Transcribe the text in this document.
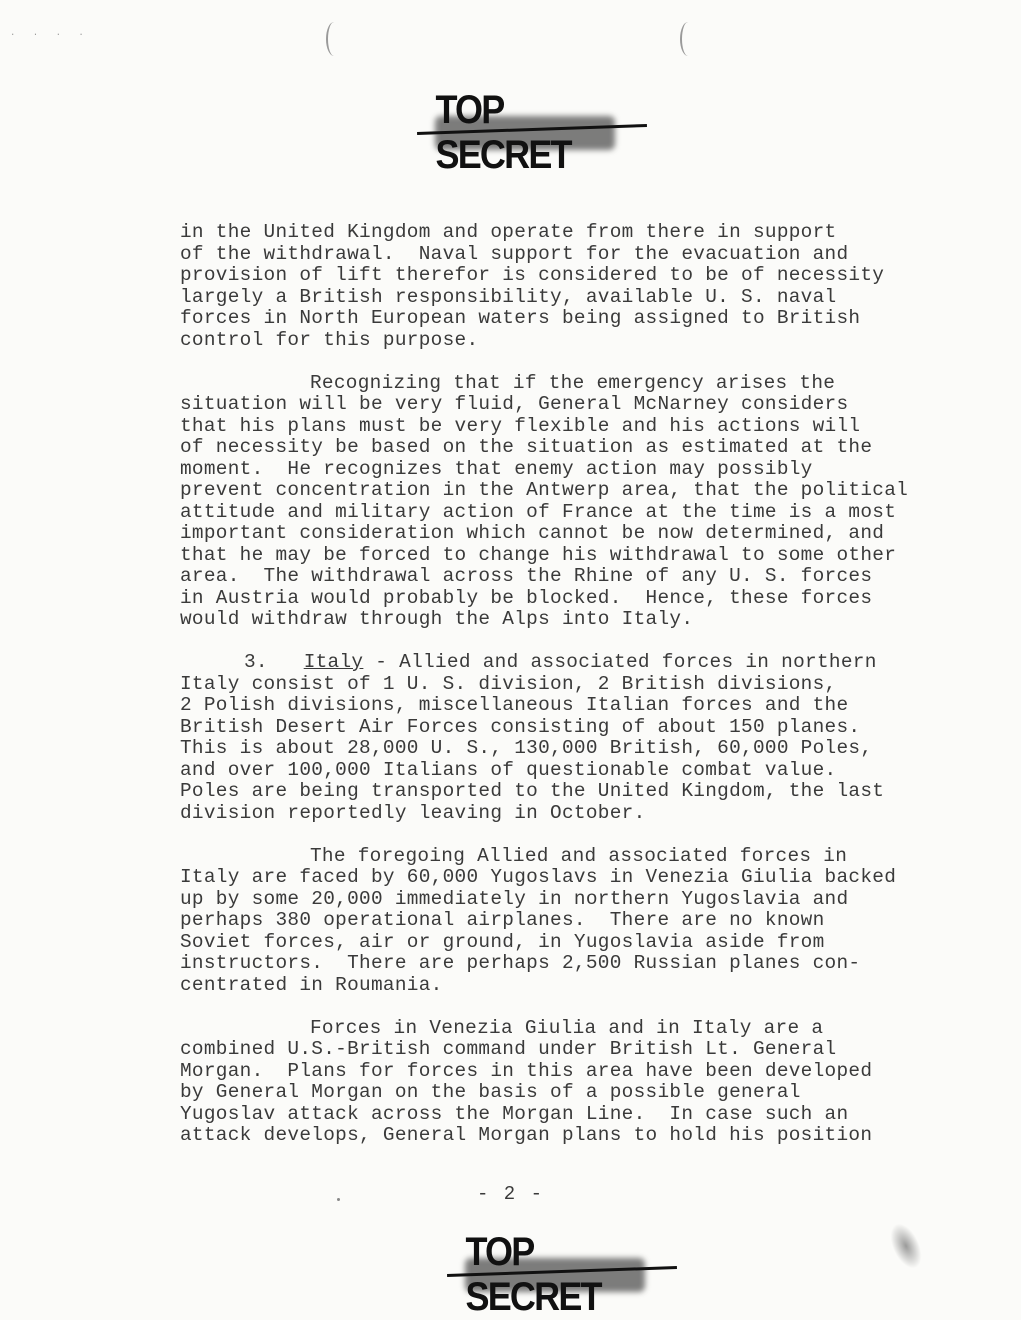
· · · ·
TOP SECRET

in the United Kingdom and operate from there in support
of the withdrawal.  Naval support for the evacuation and
provision of lift therefor is considered to be of necessity
largely a British responsibility, available U. S. naval
forces in North European waters being assigned to British
control for this purpose.

Recognizing that if the emergency arises the
situation will be very fluid, General McNarney considers
that his plans must be very flexible and his actions will
of necessity be based on the situation as estimated at the
moment.  He recognizes that enemy action may possibly
prevent concentration in the Antwerp area, that the political
attitude and military action of France at the time is a most
important consideration which cannot be now determined, and
that he may be forced to change his withdrawal to some other
area.  The withdrawal across the Rhine of any U. S. forces
in Austria would probably be blocked.  Hence, these forces
would withdraw through the Alps into Italy.

3. Italy - Allied and associated forces in northern
Italy consist of 1 U. S. division, 2 British divisions,
2 Polish divisions, miscellaneous Italian forces and the
British Desert Air Forces consisting of about 150 planes.
This is about 28,000 U. S., 130,000 British, 60,000 Poles,
and over 100,000 Italians of questionable combat value.
Poles are being transported to the United Kingdom, the last
division reportedly leaving in October.

The foregoing Allied and associated forces in
Italy are faced by 60,000 Yugoslavs in Venezia Giulia backed
up by some 20,000 immediately in northern Yugoslavia and
perhaps 380 operational airplanes.  There are no known
Soviet forces, air or ground, in Yugoslavia aside from
instructors.  There are perhaps 2,500 Russian planes con-
centrated in Roumania.

Forces in Venezia Giulia and in Italy are a
combined U.S.-British command under British Lt. General
Morgan.  Plans for forces in this area have been developed
by General Morgan on the basis of a possible general
Yugoslav attack across the Morgan Line.  In case such an
attack develops, General Morgan plans to hold his position

- 2 -
TOP SECRET
